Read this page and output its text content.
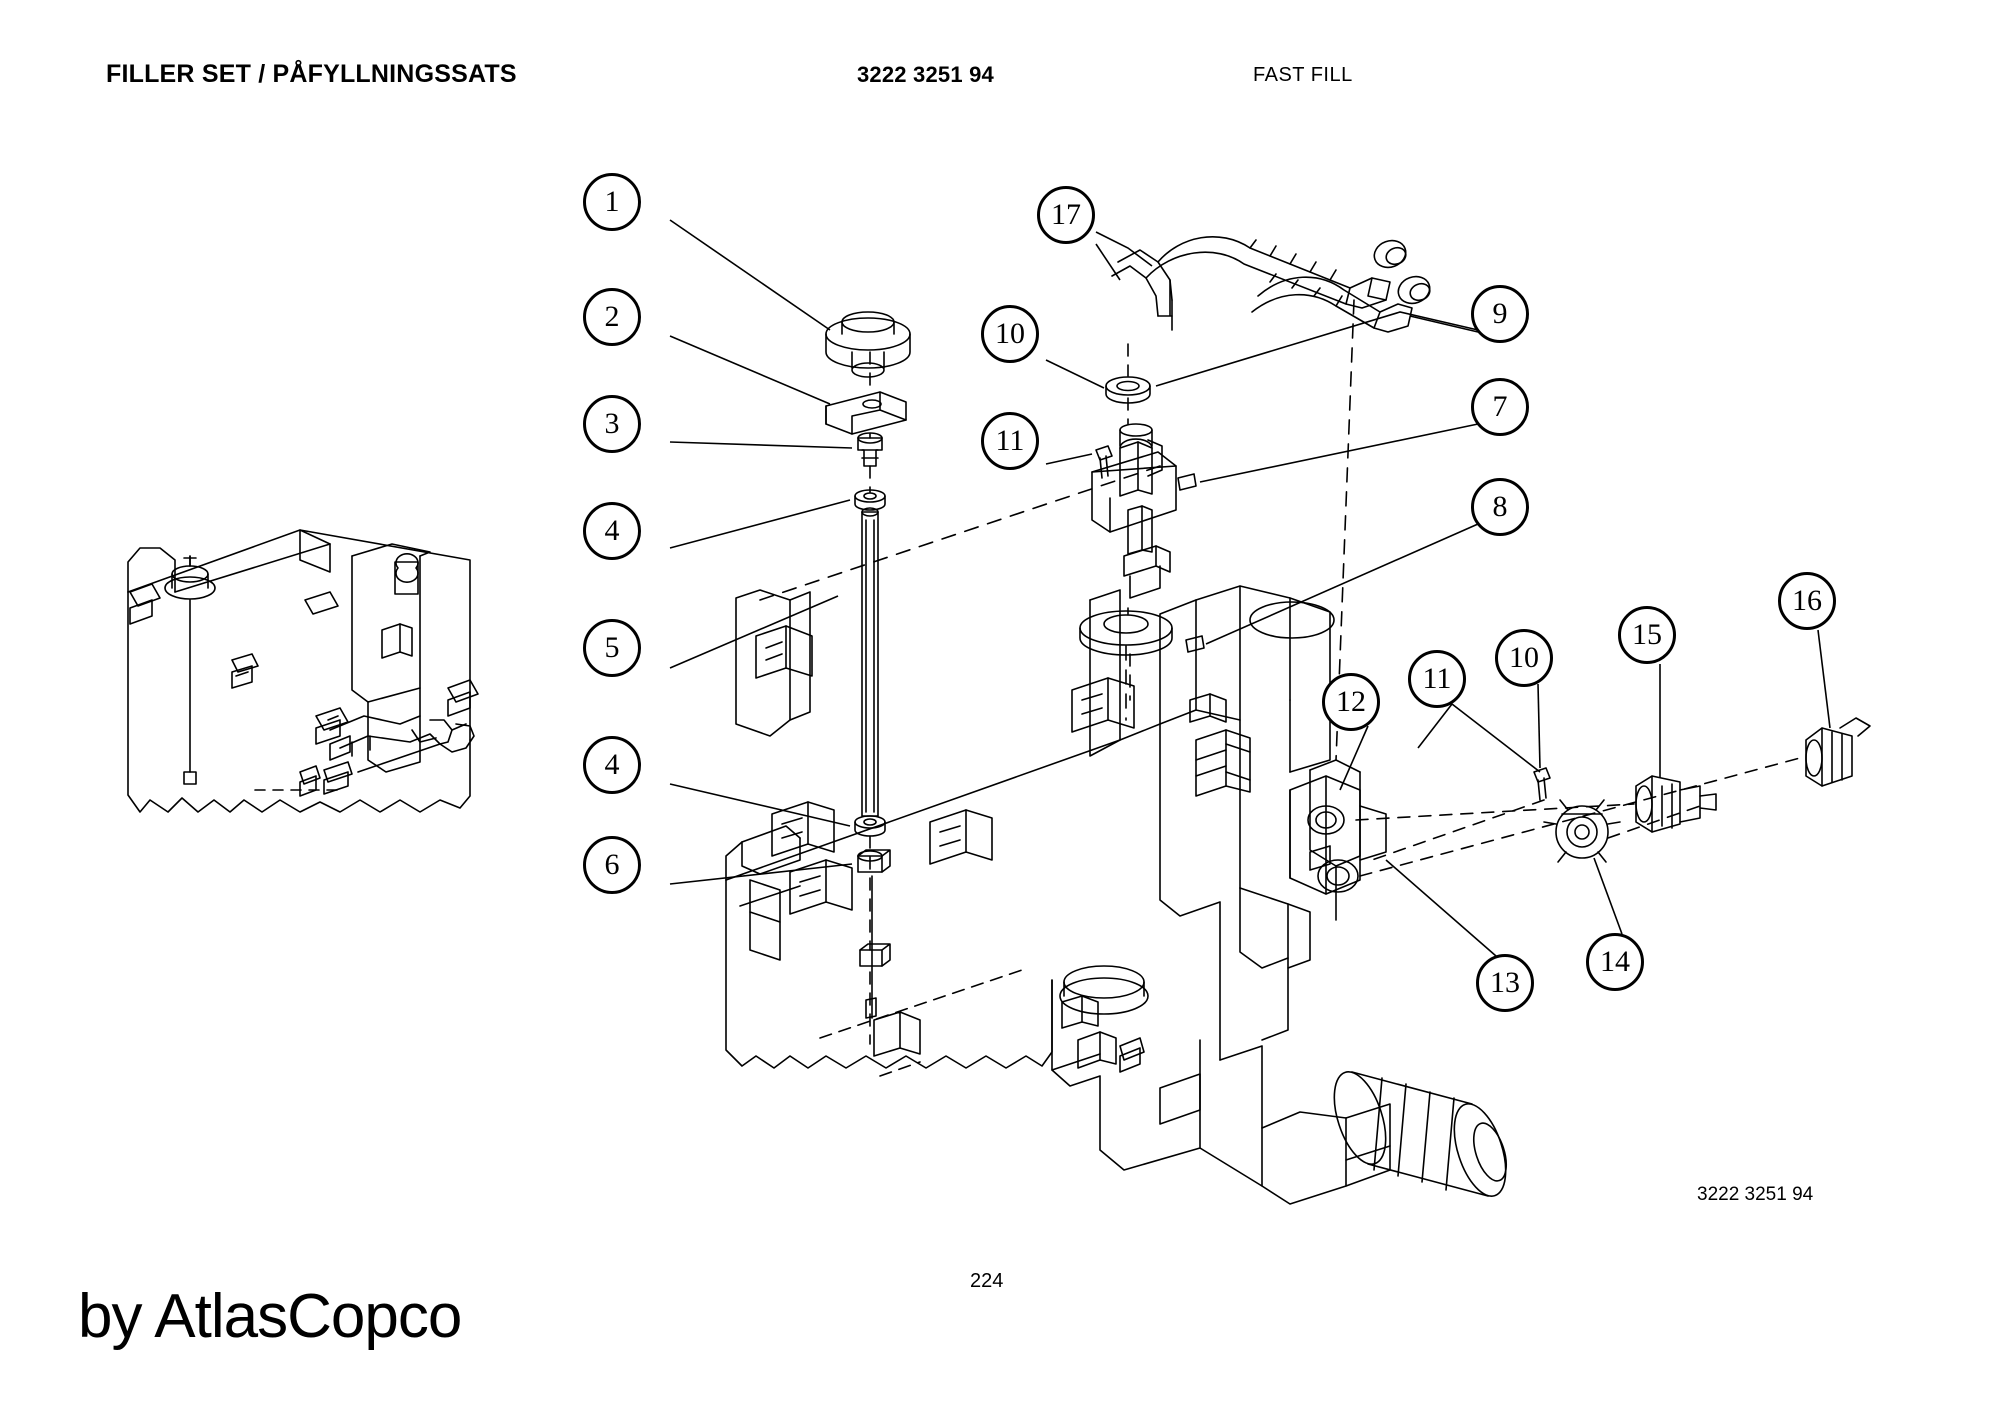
FILLER SET / PÅFYLLNINGSSATS	3222 3251 94	FAST FILL
1
2
3
4
5
4
6
17
10
11
9
7
8
12
11
10
15
16
13
14
3222 3251 94
224
by AtlasCopco
